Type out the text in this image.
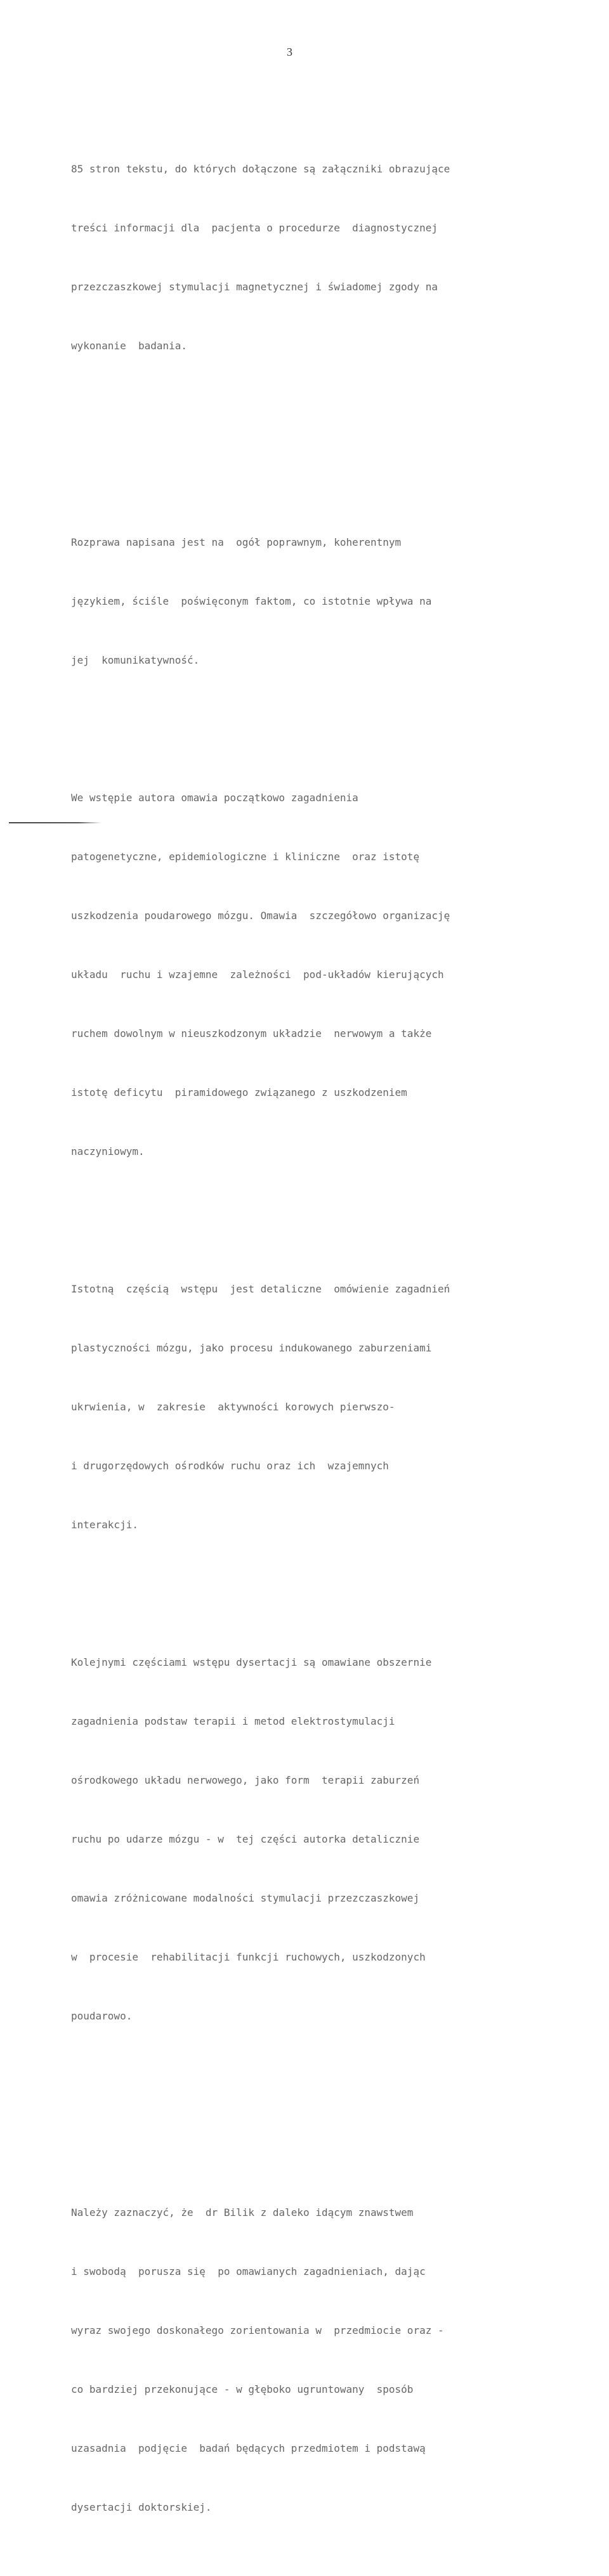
3

85 stron tekstu, do których dołączone są załączniki obrazujące

treści informacji dla  pacjenta o procedurze  diagnostycznej

przezczaszkowej stymulacji magnetycznej i świadomej zgody na

wykonanie  badania.

Rozprawa napisana jest na  ogół poprawnym, koherentnym

językiem, ściśle  poświęconym faktom, co istotnie wpływa na

jej  komunikatywność.

We wstępie autora omawia początkowo zagadnienia

patogenetyczne, epidemiologiczne i kliniczne  oraz istotę

uszkodzenia poudarowego mózgu. Omawia  szczegółowo organizację

układu  ruchu i wzajemne  zależności  pod-układów kierujących

ruchem dowolnym w nieuszkodzonym układzie  nerwowym a także

istotę deficytu  piramidowego związanego z uszkodzeniem

naczyniowym.

Istotną  częścią  wstępu  jest detaliczne  omówienie zagadnień

plastyczności mózgu, jako procesu indukowanego zaburzeniami

ukrwienia, w  zakresie  aktywności korowych pierwszo-

i drugorzędowych ośrodków ruchu oraz ich  wzajemnych

interakcji.

Kolejnymi częściami wstępu dysertacji są omawiane obszernie

zagadnienia podstaw terapii i metod elektrostymulacji

ośrodkowego układu nerwowego, jako form  terapii zaburzeń

ruchu po udarze mózgu - w  tej części autorka detalicznie

omawia zróżnicowane modalności stymulacji przezczaszkowej

w  procesie  rehabilitacji funkcji ruchowych, uszkodzonych

poudarowo.

Należy zaznaczyć, że  dr Bilik z daleko idącym znawstwem

i swobodą  porusza się  po omawianych zagadnieniach, dając

wyraz swojego doskonałego zorientowania w  przedmiocie oraz -

co bardziej przekonujące - w głęboko ugruntowany  sposób

uzasadnia  podjęcie  badań będących przedmiotem i podstawą

dysertacji doktorskiej.
